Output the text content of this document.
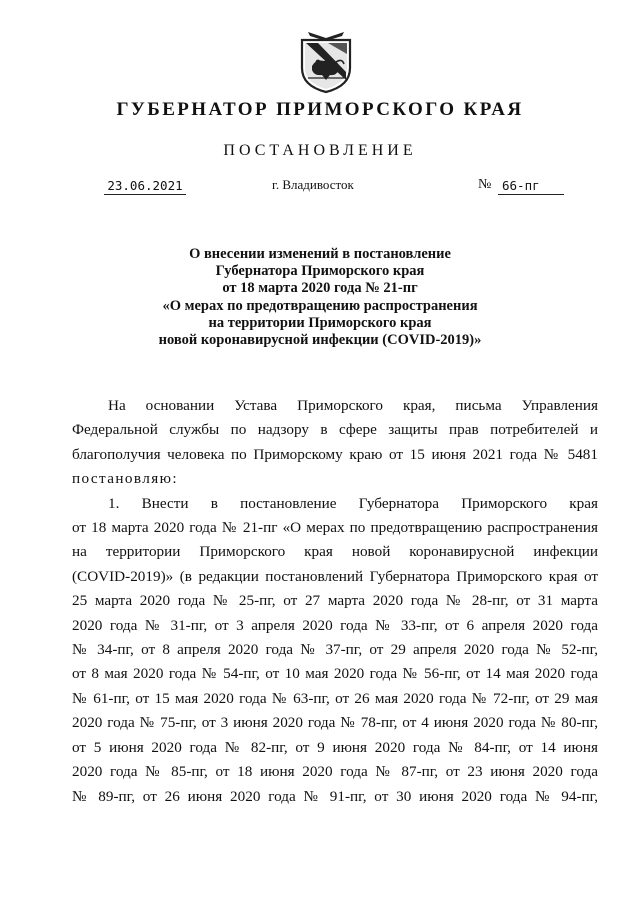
ГУБЕРНАТОР ПРИМОРСКОГО КРАЯ
ПОСТАНОВЛЕНИЕ
23.06.2021	г. Владивосток	№ 66-пг
О внесении изменений в постановление
Губернатора Приморского края
от 18 марта 2020 года № 21-пг
«О мерах по предотвращению распространения
на территории Приморского края
новой коронавирусной инфекции (COVID-2019)»
На основании Устава Приморского края, письма Управления
Федеральной службы по надзору в сфере защиты прав потребителей и
благополучия человека по Приморскому краю от 15 июня 2021 года № 5481
постановляю:
1. Внести в постановление Губернатора Приморского края
от 18 марта 2020 года № 21-пг «О мерах по предотвращению распространения
на территории Приморского края новой коронавирусной инфекции
(COVID-2019)» (в редакции постановлений Губернатора Приморского края от
25 марта 2020 года № 25-пг, от 27 марта 2020 года № 28-пг, от 31 марта
2020 года № 31-пг, от 3 апреля 2020 года № 33-пг, от 6 апреля 2020 года
№ 34-пг, от 8 апреля 2020 года № 37-пг, от 29 апреля 2020 года № 52-пг,
от 8 мая 2020 года № 54-пг, от 10 мая 2020 года № 56-пг, от 14 мая 2020 года
№ 61-пг, от 15 мая 2020 года № 63-пг, от 26 мая 2020 года № 72-пг, от 29 мая
2020 года № 75-пг, от 3 июня 2020 года № 78-пг, от 4 июня 2020 года № 80-пг,
от 5 июня 2020 года № 82-пг, от 9 июня 2020 года № 84-пг, от 14 июня
2020 года № 85-пг, от 18 июня 2020 года № 87-пг, от 23 июня 2020 года
№ 89-пг, от 26 июня 2020 года № 91-пг, от 30 июня 2020 года № 94-пг,
